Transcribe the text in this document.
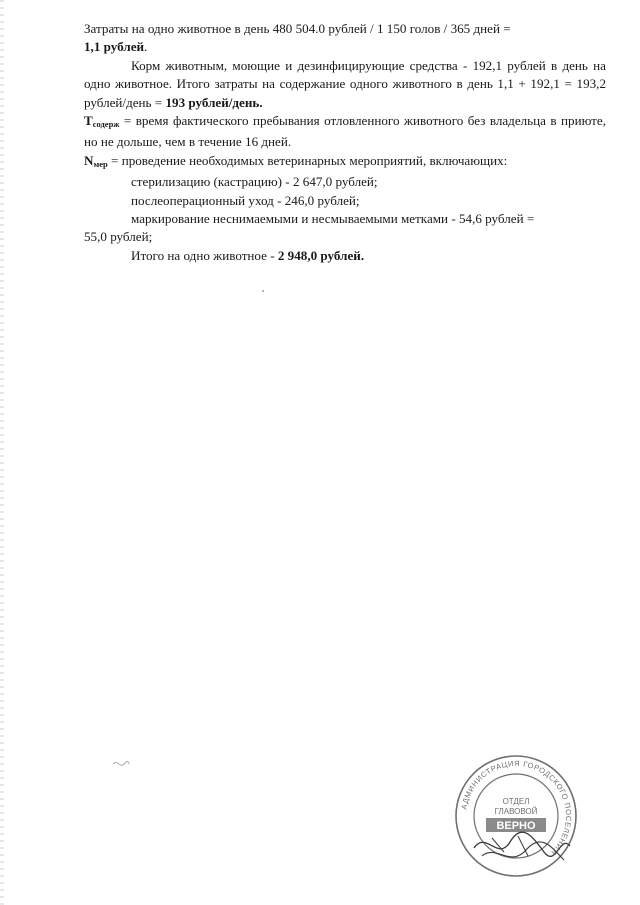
Затраты на одно животное в день 480 504.0 рублей / 1 150 голов / 365 дней =
1,1 рублей.

Корм животным, моющие и дезинфицирующие средства - 192,1 рублей в день на одно животное. Итого затраты на содержание одного животного в день 1,1 + 192,1 = 193,2 рублей/день = 193 рублей/день.

$T_{содерж}$ = время фактического пребывания отловленного животного без владельца в приюте, но не дольше, чем в течение 16 дней.

$N_{мер}$ = проведение необходимых ветеринарных мероприятий, включающих:

стерилизацию (кастрацию) - 2 647,0 рублей;

послеоперационный уход - 246,0 рублей;

маркирование неснимаемыми и несмываемыми метками - 54,6 рублей =
55,0 рублей;

Итого на одно животное - 2 948,0 рублей.

АДМИНИСТРАЦИЯ ГОРОДСКОГО ПОСЕЛЕНИЯ
ОТДЕЛ
ГЛАВОВОЙ
ВЕРНО
